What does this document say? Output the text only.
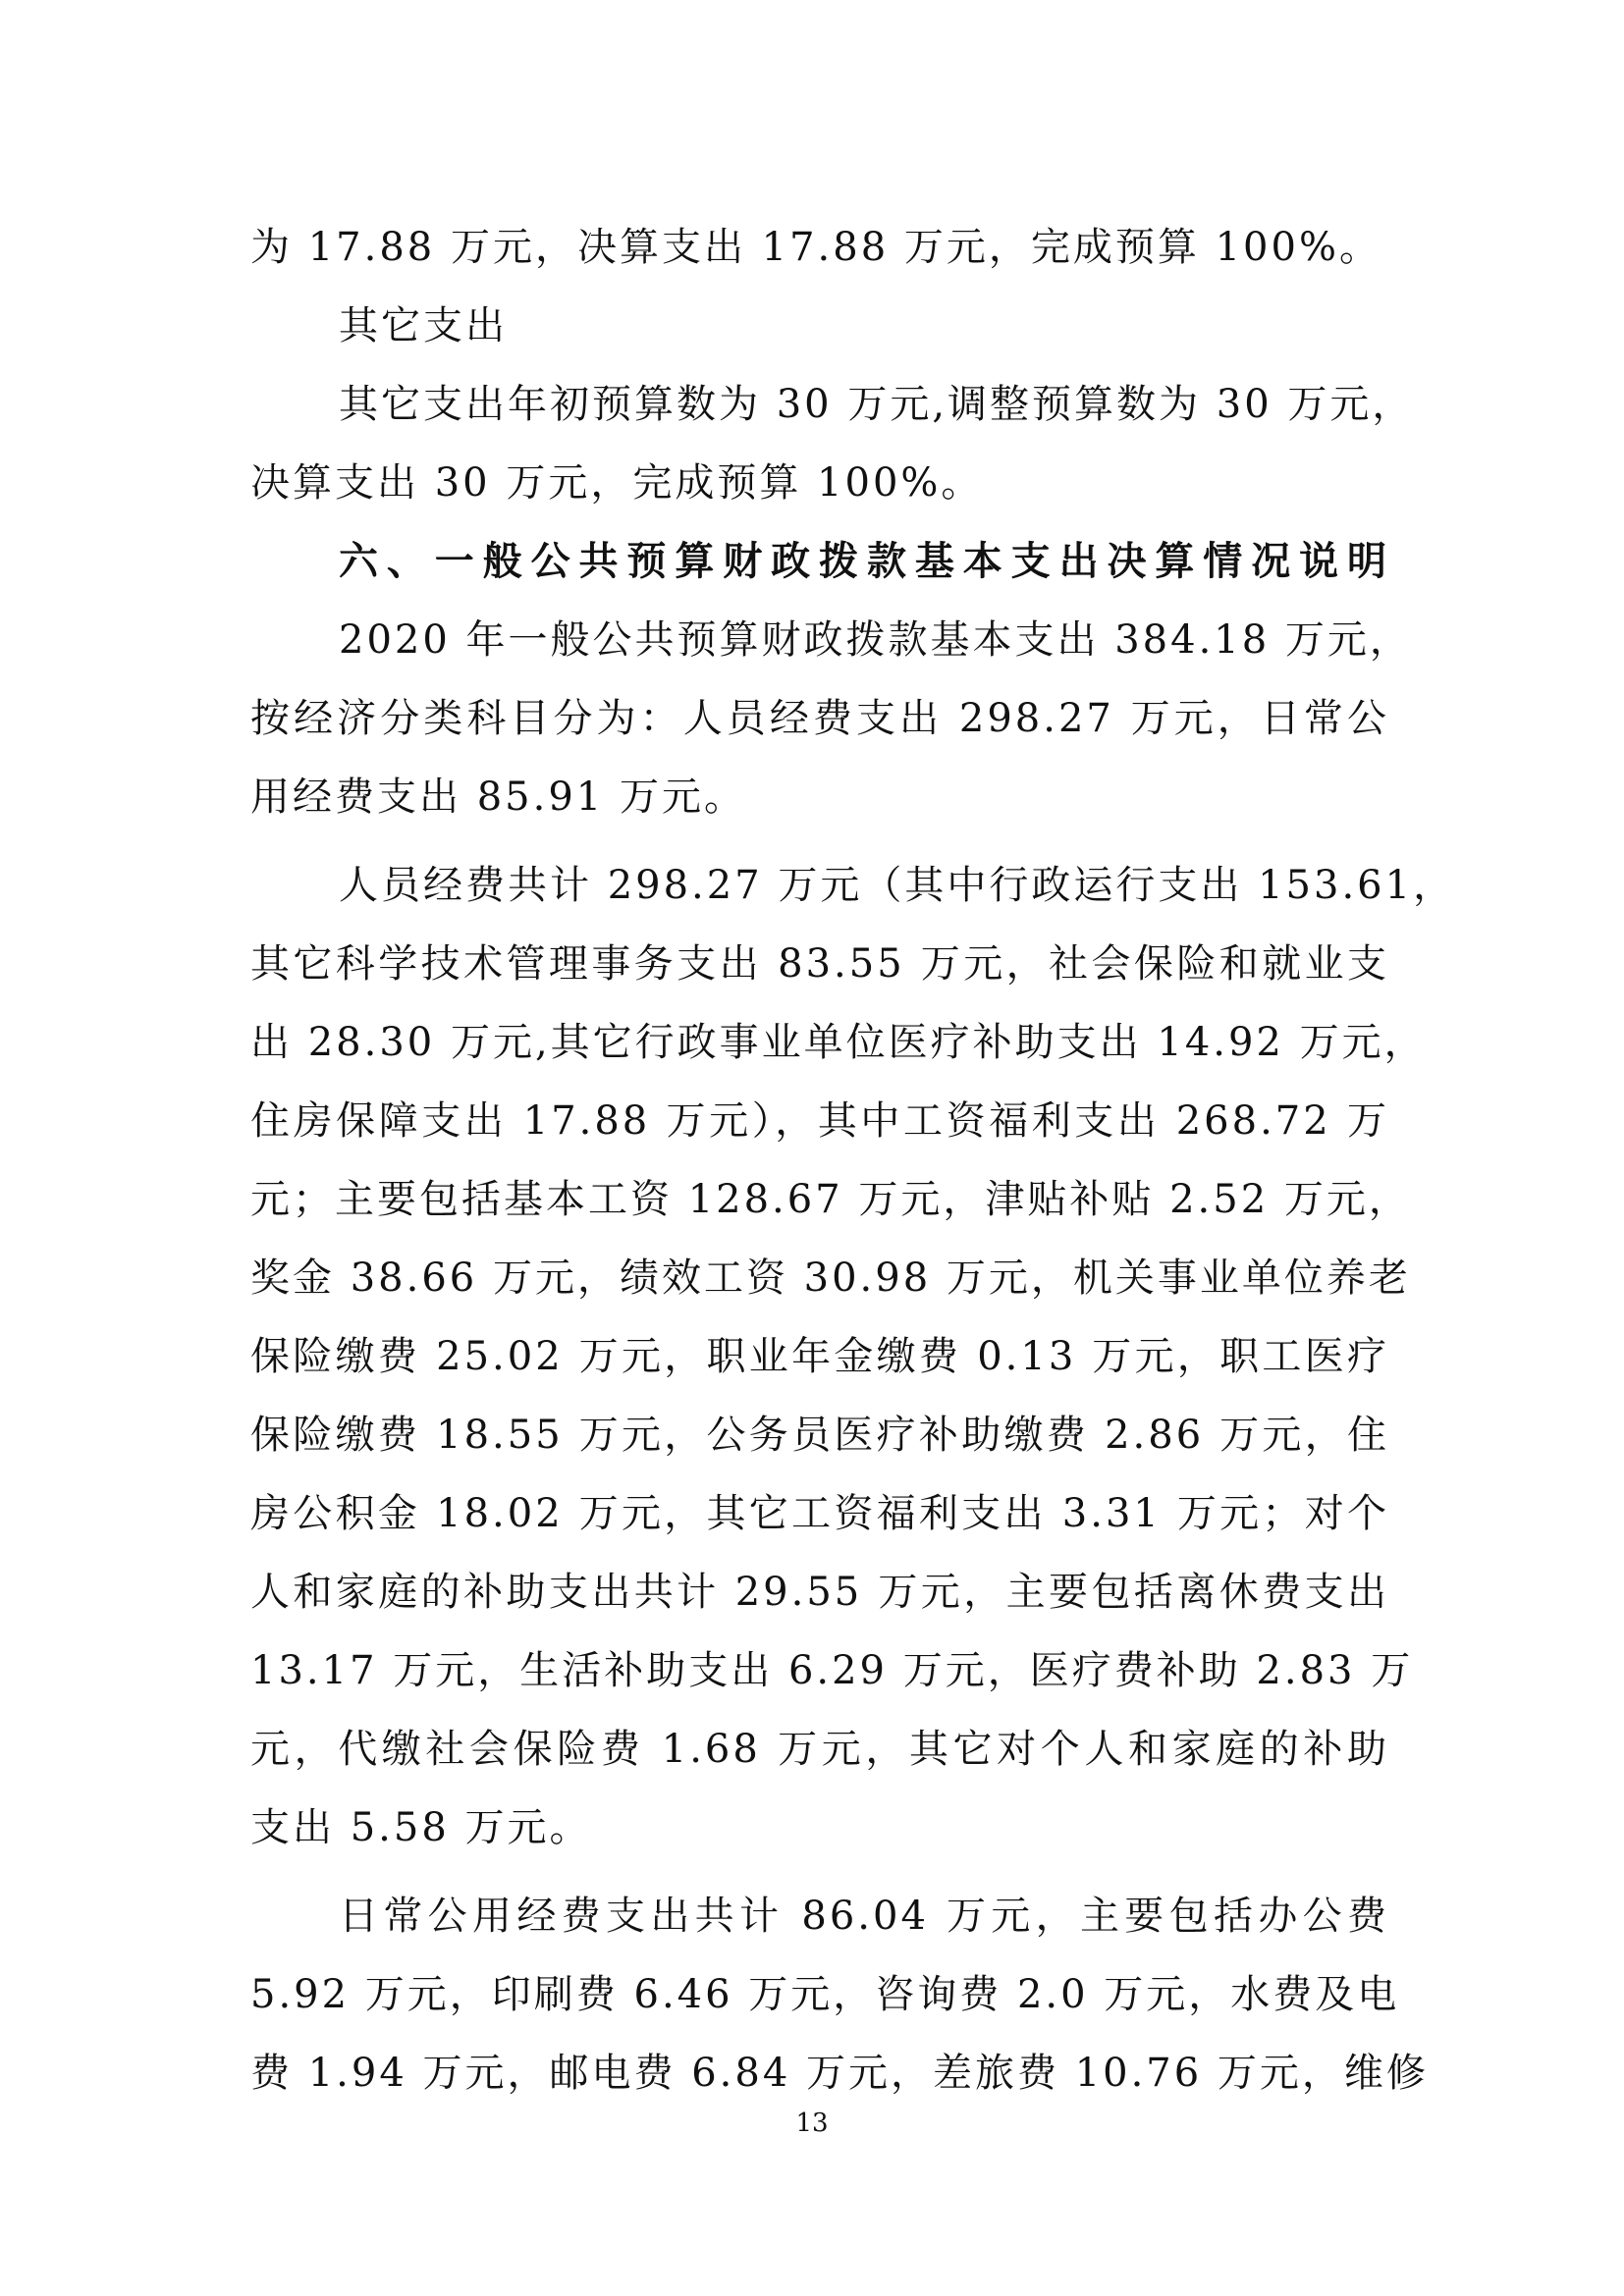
为 17.88 万元，决算支出 17.88 万元，完成预算 100%。

其它支出

其它支出年初预算数为 30 万元,调整预算数为 30 万元，

决算支出 30 万元，完成预算 100%。

六、一般公共预算财政拨款基本支出决算情况说明

2020 年一般公共预算财政拨款基本支出 384.18 万元，

按经济分类科目分为：人员经费支出 298.27 万元，日常公

用经费支出 85.91 万元。

人员经费共计 298.27 万元（其中行政运行支出 153.61，

其它科学技术管理事务支出 83.55 万元，社会保险和就业支

出 28.30 万元,其它行政事业单位医疗补助支出 14.92 万元，

住房保障支出 17.88 万元），其中工资福利支出 268.72 万

元；主要包括基本工资 128.67 万元，津贴补贴 2.52 万元，

奖金 38.66 万元，绩效工资 30.98 万元，机关事业单位养老

保险缴费 25.02 万元，职业年金缴费 0.13 万元，职工医疗

保险缴费 18.55 万元，公务员医疗补助缴费 2.86 万元，住

房公积金 18.02 万元，其它工资福利支出 3.31 万元；对个

人和家庭的补助支出共计 29.55 万元，主要包括离休费支出

13.17 万元，生活补助支出 6.29 万元，医疗费补助 2.83 万

元，代缴社会保险费 1.68 万元，其它对个人和家庭的补助

支出 5.58 万元。

日常公用经费支出共计 86.04 万元，主要包括办公费

5.92 万元，印刷费 6.46 万元，咨询费 2.0 万元，水费及电

费 1.94 万元，邮电费 6.84 万元，差旅费 10.76 万元，维修

13
